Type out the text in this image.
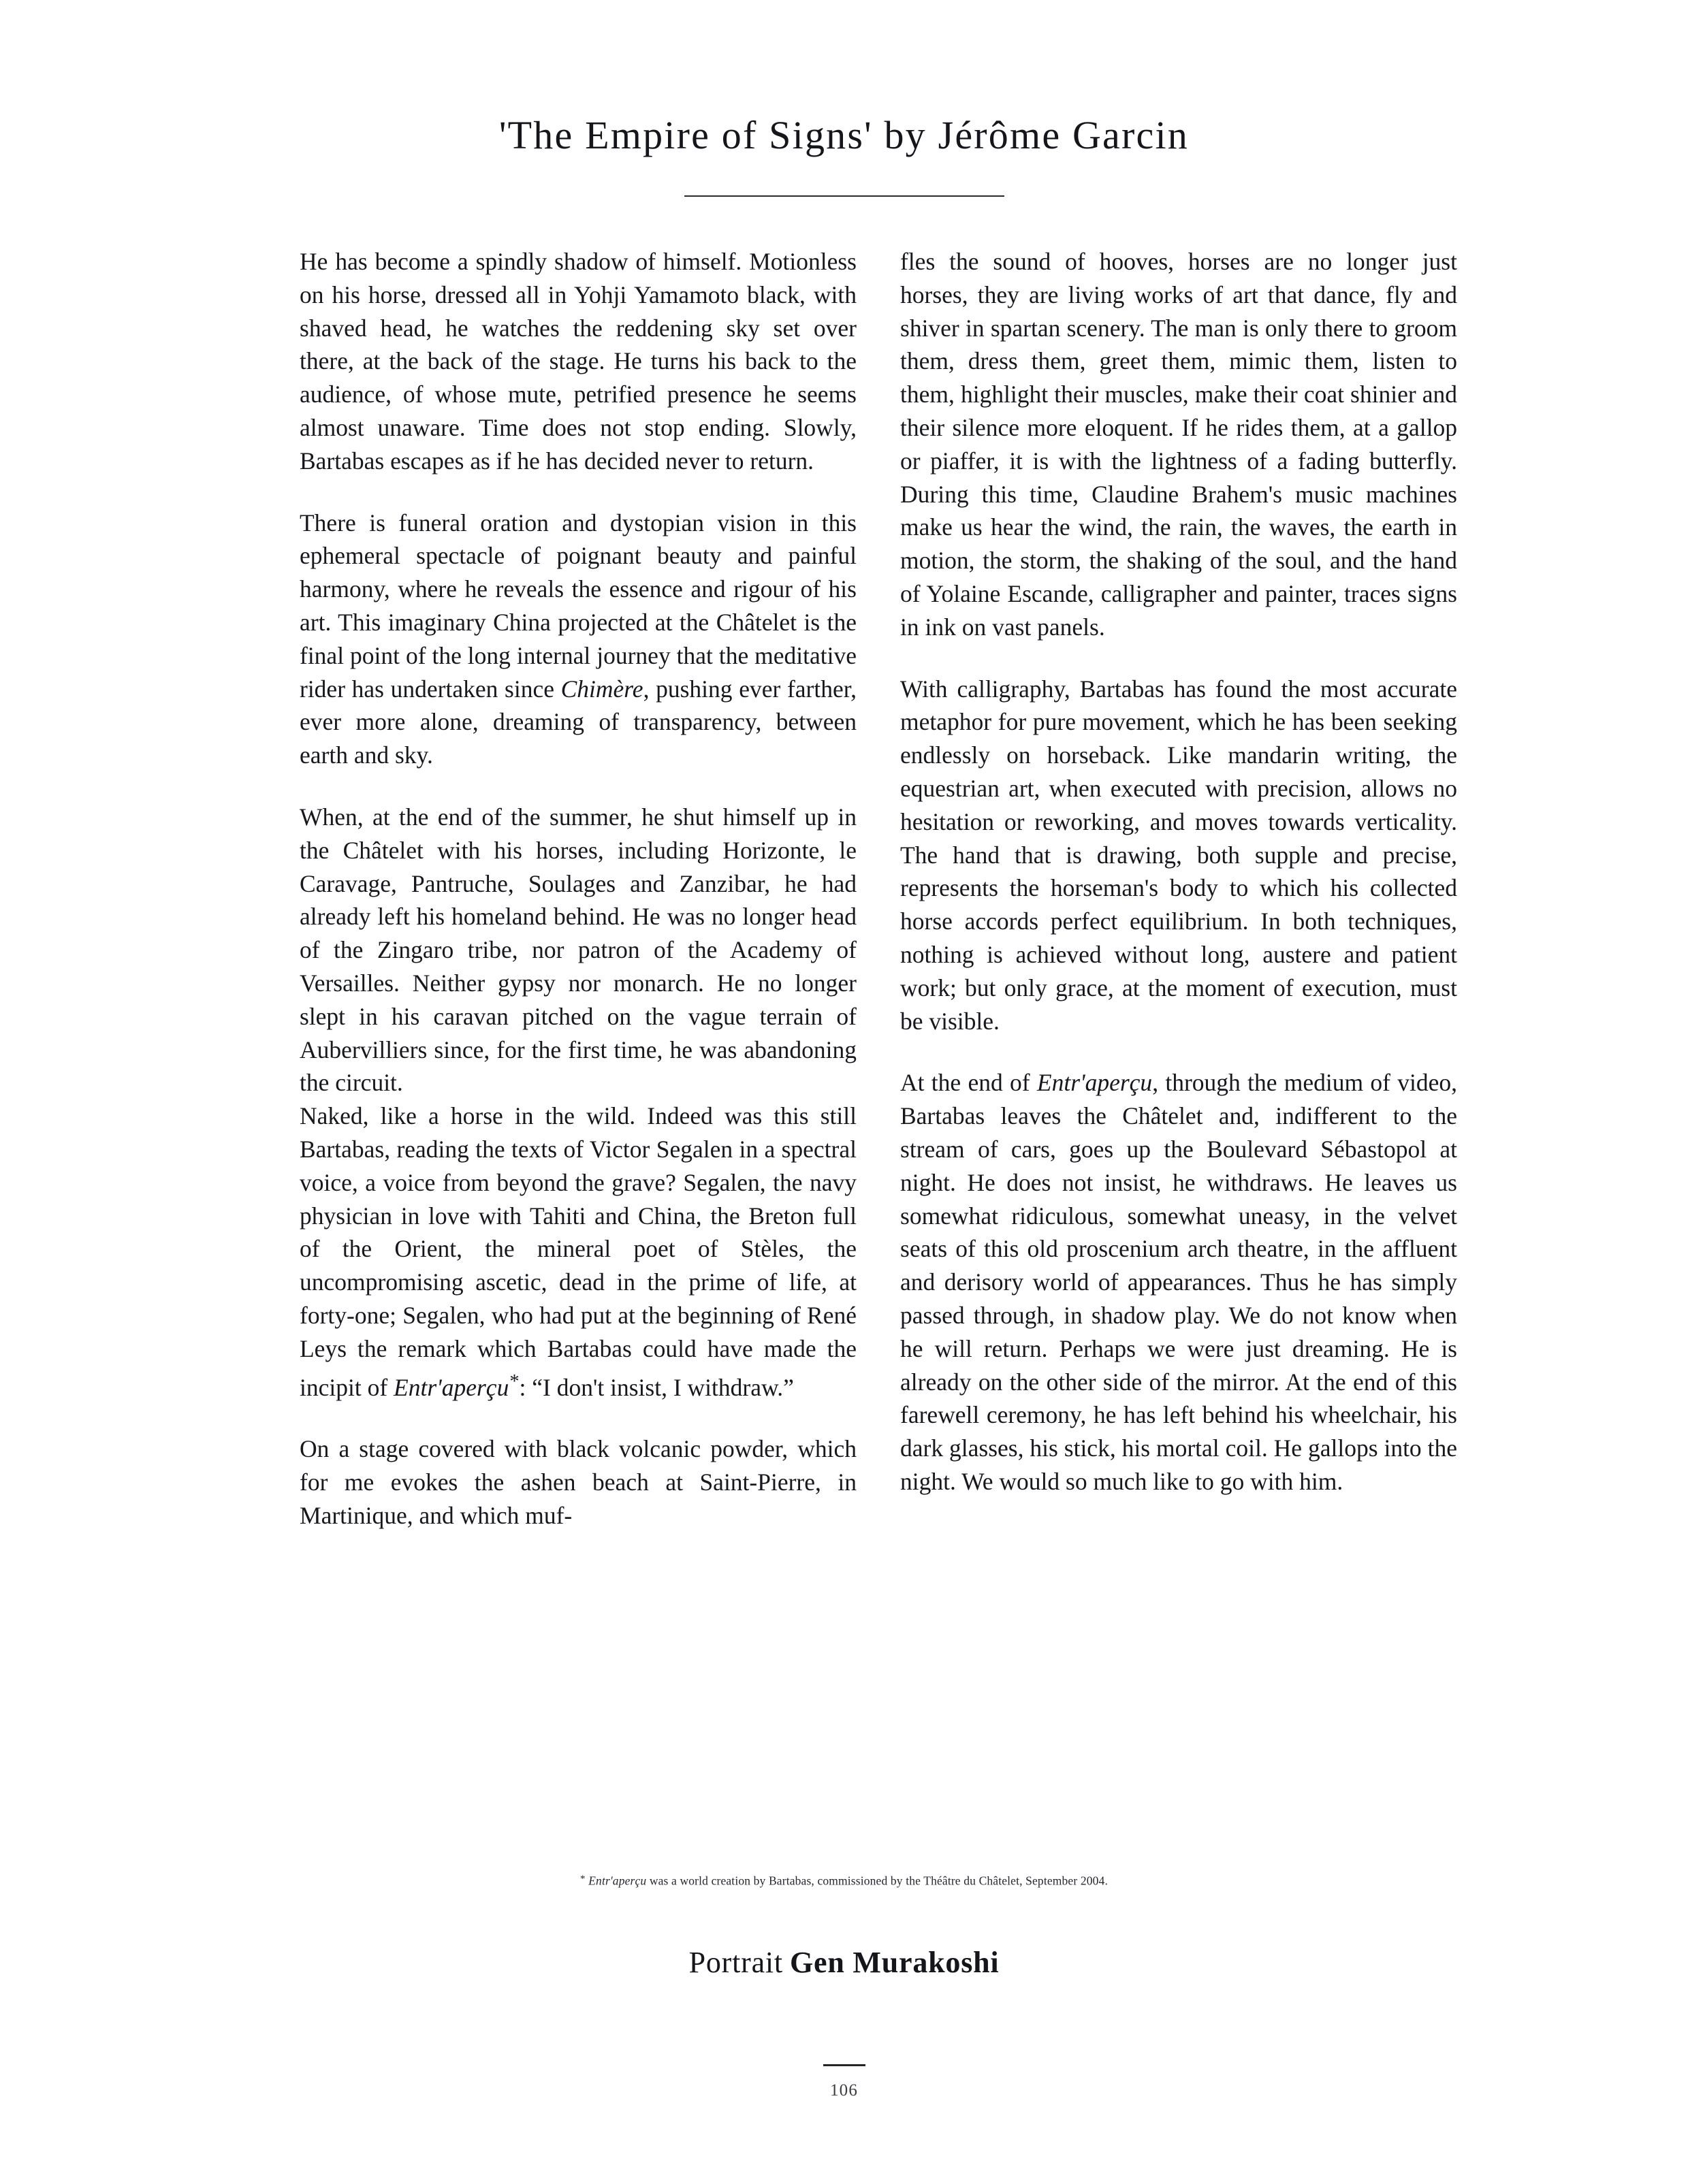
'The Empire of Signs' by Jérôme Garcin

He has become a spindly shadow of himself. Motionless on his horse, dressed all in Yohji Yamamoto black, with shaved head, he watches the reddening sky set over there, at the back of the stage. He turns his back to the audience, of whose mute, petrified presence he seems almost unaware. Time does not stop ending. Slowly, Bartabas escapes as if he has decided never to return.

There is funeral oration and dystopian vision in this ephemeral spectacle of poignant beauty and painful harmony, where he reveals the essence and rigour of his art. This imaginary China projected at the Châtelet is the final point of the long internal journey that the meditative rider has undertaken since Chimère, pushing ever farther, ever more alone, dreaming of transparency, between earth and sky.

When, at the end of the summer, he shut himself up in the Châtelet with his horses, including Horizonte, le Caravage, Pantruche, Soulages and Zanzibar, he had already left his homeland behind. He was no longer head of the Zingaro tribe, nor patron of the Academy of Versailles. Neither gypsy nor monarch. He no longer slept in his caravan pitched on the vague terrain of Aubervilliers since, for the first time, he was abandoning the circuit.

Naked, like a horse in the wild. Indeed was this still Bartabas, reading the texts of Victor Segalen in a spectral voice, a voice from beyond the grave? Segalen, the navy physician in love with Tahiti and China, the Breton full of the Orient, the mineral poet of Stèles, the uncompromising ascetic, dead in the prime of life, at forty-one; Segalen, who had put at the beginning of René Leys the remark which Bartabas could have made the incipit of Entr'aperçu*: “I don't insist, I withdraw.”

On a stage covered with black volcanic powder, which for me evokes the ashen beach at Saint-Pierre, in Martinique, and which muf-

fles the sound of hooves, horses are no longer just horses, they are living works of art that dance, fly and shiver in spartan scenery. The man is only there to groom them, dress them, greet them, mimic them, listen to them, highlight their muscles, make their coat shinier and their silence more eloquent. If he rides them, at a gallop or piaffer, it is with the lightness of a fading butterfly. During this time, Claudine Brahem's music machines make us hear the wind, the rain, the waves, the earth in motion, the storm, the shaking of the soul, and the hand of Yolaine Escande, calligrapher and painter, traces signs in ink on vast panels.

With calligraphy, Bartabas has found the most accurate metaphor for pure movement, which he has been seeking endlessly on horseback. Like mandarin writing, the equestrian art, when executed with precision, allows no hesitation or reworking, and moves towards verticality. The hand that is drawing, both supple and precise, represents the horseman's body to which his collected horse accords perfect equilibrium. In both techniques, nothing is achieved without long, austere and patient work; but only grace, at the moment of execution, must be visible.

At the end of Entr'aperçu, through the medium of video, Bartabas leaves the Châtelet and, indifferent to the stream of cars, goes up the Boulevard Sébastopol at night. He does not insist, he withdraws. He leaves us somewhat ridiculous, somewhat uneasy, in the velvet seats of this old proscenium arch theatre, in the affluent and derisory world of appearances. Thus he has simply passed through, in shadow play. We do not know when he will return. Perhaps we were just dreaming. He is already on the other side of the mirror. At the end of this farewell ceremony, he has left behind his wheelchair, his dark glasses, his stick, his mortal coil. He gallops into the night. We would so much like to go with him.

* Entr'aperçu was a world creation by Bartabas, commissioned by the Théâtre du Châtelet, September 2004.
Portrait Gen Murakoshi
106
